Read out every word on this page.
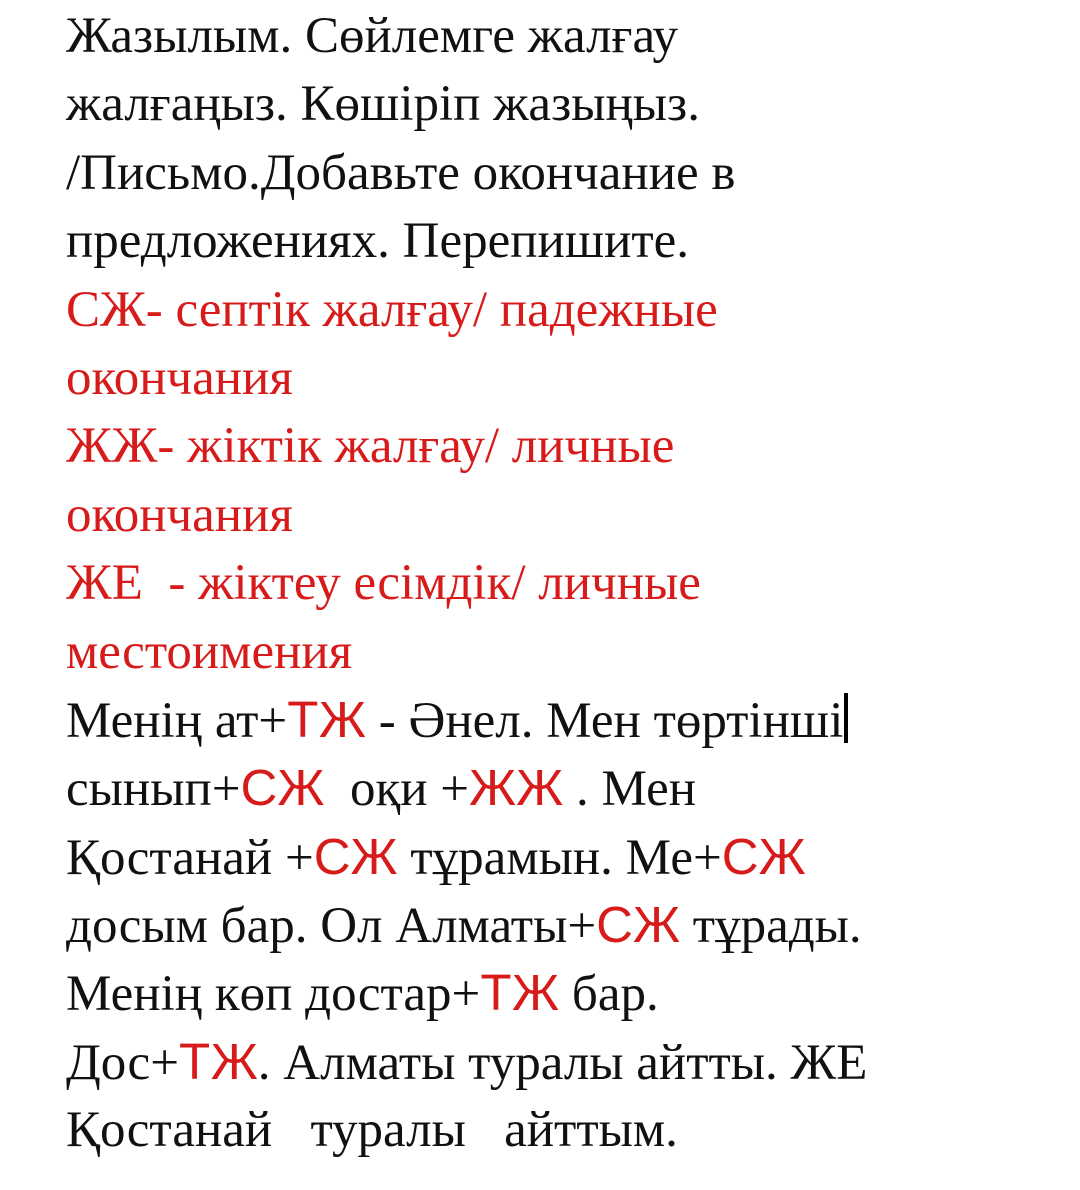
Жазылым. Сөйлемге жалғау
жалғаңыз. Көшіріп жазыңыз.
/Письмо.Добавьте окончание в
предложениях. Перепишите.
СЖ- септік жалғау/ падежные
окончания
ЖЖ- жіктік жалғау/ личные
окончания
ЖЕ  - жіктеу есімдік/ личные
местоимения
Менің ат+ТЖ - Әнел. Мен төртінші
сынып+СЖ  оқи +ЖЖ . Мен
Қостанай +СЖ тұрамын. Ме+СЖ
досым бар. Ол Алматы+СЖ тұрады.
Менің көп достар+ТЖ бар.
Дос+ТЖ. Алматы туралы айтты. ЖЕ
Қостанай   туралы   айттым.
